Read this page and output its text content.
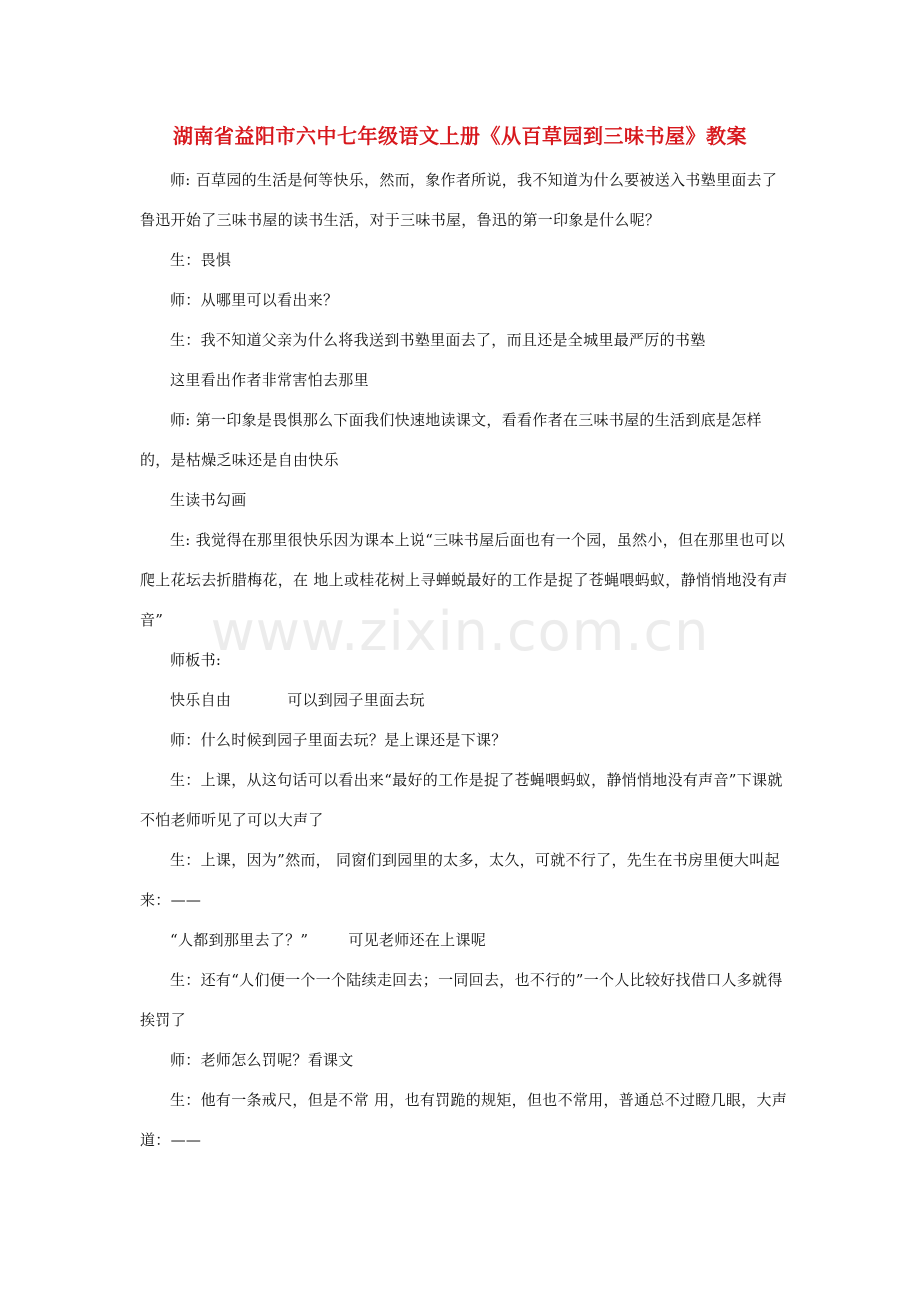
湖南省益阳市六中七年级语文上册《从百草园到三味书屋》教案
师: 百草园的生活是何等快乐，然而，象作者所说，我不知道为什么要被送入书塾里面去了鲁迅开始了三味书屋的读书生活，对于三味书屋，鲁迅的第一印象是什么呢？
生：畏惧
师：从哪里可以看出来？
生：我不知道父亲为什么将我送到书塾里面去了，而且还是全城里最严厉的书塾
这里看出作者非常害怕去那里
师: 第一印象是畏惧那么下面我们快速地读课文，看看作者在三味书屋的生活到底是怎样的，是枯燥乏味还是自由快乐
生读书勾画
生: 我觉得在那里很快乐因为课本上说“三味书屋后面也有一个园，虽然小，但在那里也可以爬上花坛去折腊梅花，在 地上或桂花树上寻蝉蜕最好的工作是捉了苍蝇喂蚂蚁，静悄悄地没有声音”
师板书:
快乐自由	可以到园子里面去玩
师：什么时候到园子里面去玩？是上课还是下课？
生：上课，从这句话可以看出来“最好的工作是捉了苍蝇喂蚂蚁，静悄悄地没有声音”下课就不怕老师听见了可以大声了
生：上课，因为”然而， 同窗们到园里的太多，太久，可就不行了，先生在书房里便大叫起来：——
“人都到那里去了？”	可见老师还在上课呢
生：还有“人们便一个一个陆续走回去；一同回去，也不行的”一个人比较好找借口人多就得挨罚了
师：老师怎么罚呢？看课文
生：他有一条戒尺，但是不常 用，也有罚跪的规矩，但也不常用，普通总不过瞪几眼，大声道：——
www.zixin.com.cn
